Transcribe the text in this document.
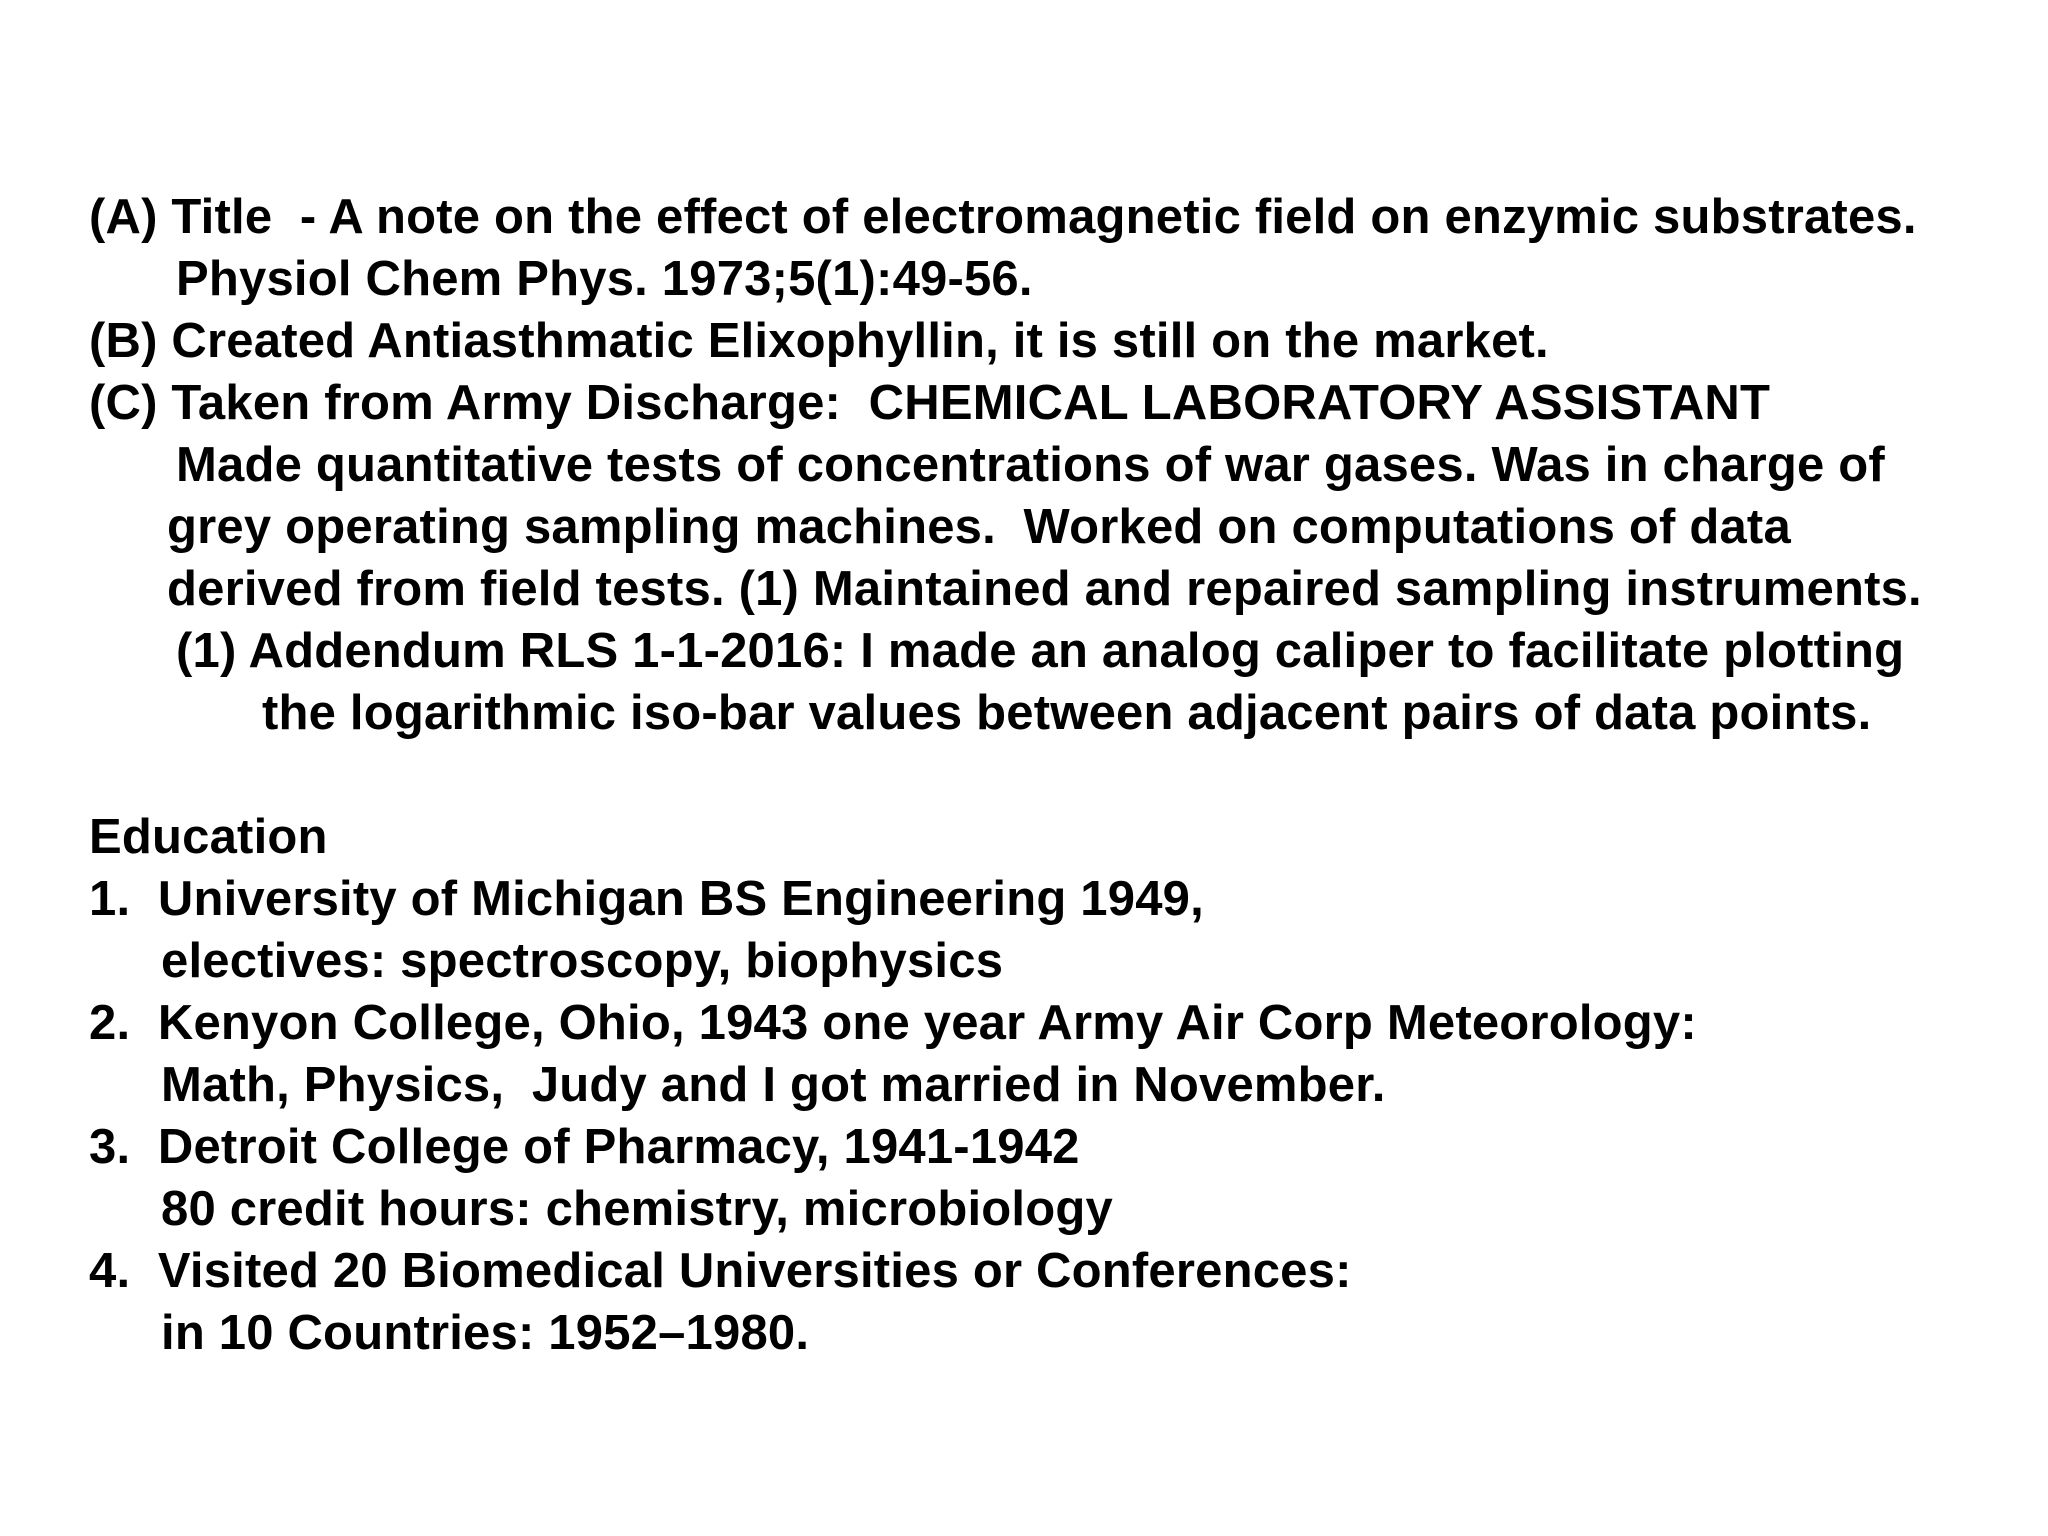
(A) Title  - A note on the effect of electromagnetic field on enzymic substrates.
Physiol Chem Phys. 1973;5(1):49-56.
(B) Created Antiasthmatic Elixophyllin, it is still on the market.
(C) Taken from Army Discharge:  CHEMICAL LABORATORY ASSISTANT
Made quantitative tests of concentrations of war gases. Was in charge of
grey operating sampling machines.  Worked on computations of data
derived from field tests. (1) Maintained and repaired sampling instruments.
(1) Addendum RLS 1-1-2016: I made an analog caliper to facilitate plotting
the logarithmic iso-bar values between adjacent pairs of data points.
Education
1.  University of Michigan BS Engineering 1949,
electives: spectroscopy, biophysics
2.  Kenyon College, Ohio, 1943 one year Army Air Corp Meteorology:
Math, Physics,  Judy and I got married in November.
3.  Detroit College of Pharmacy, 1941-1942
80 credit hours: chemistry, microbiology
4.  Visited 20 Biomedical Universities or Conferences:
in 10 Countries: 1952–1980.
